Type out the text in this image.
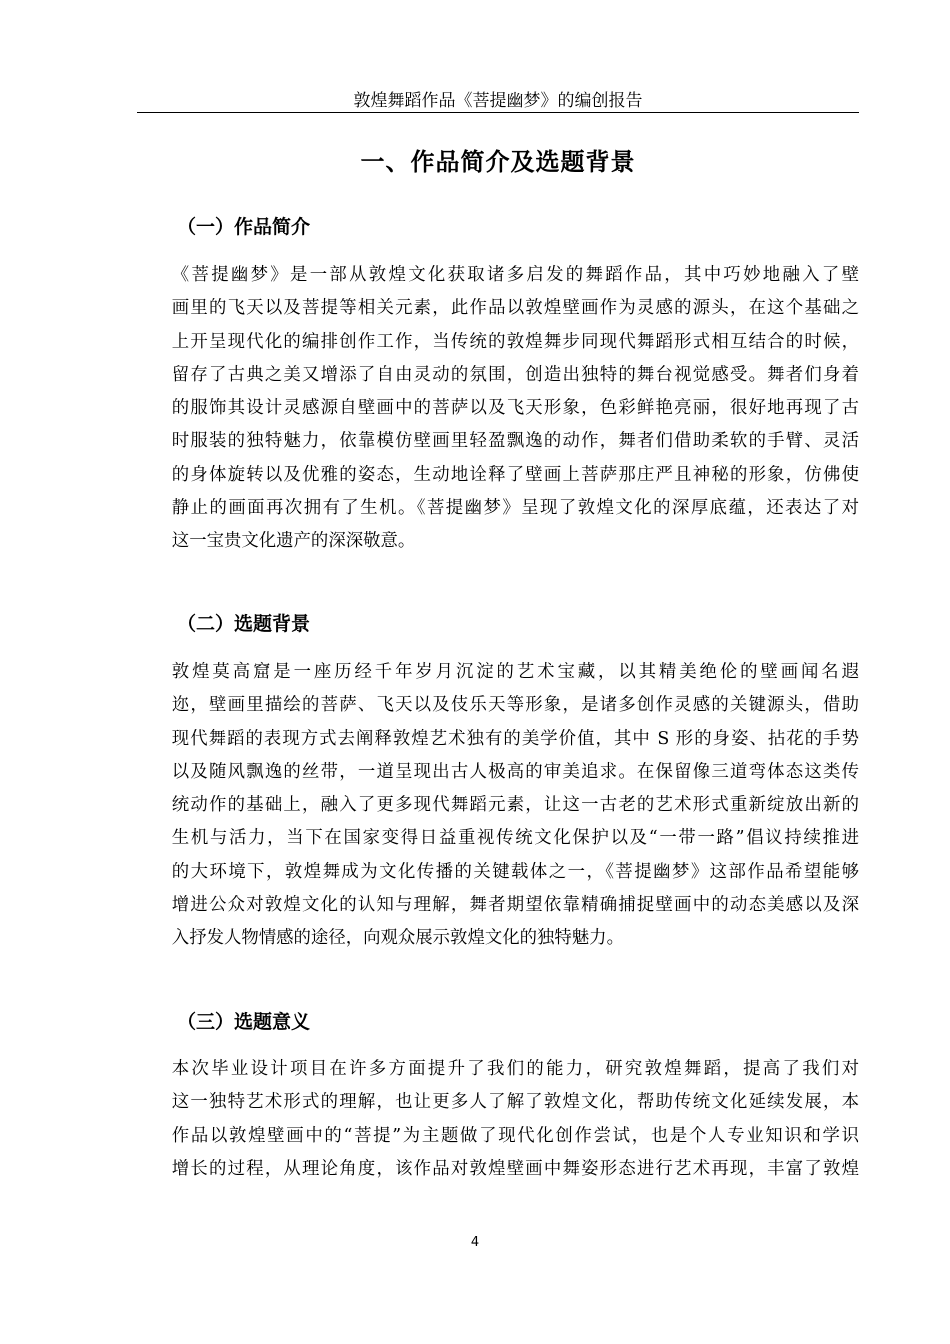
敦煌舞蹈作品《菩提幽梦》的编创报告
一、作品简介及选题背景
（一）作品简介
《菩提幽梦》是一部从敦煌文化获取诸多启发的舞蹈作品，其中巧妙地融入了壁
画里的飞天以及菩提等相关元素，此作品以敦煌壁画作为灵感的源头，在这个基础之
上开呈现代化的编排创作工作，当传统的敦煌舞步同现代舞蹈形式相互结合的时候，
留存了古典之美又增添了自由灵动的氛围，创造出独特的舞台视觉感受。舞者们身着
的服饰其设计灵感源自壁画中的菩萨以及飞天形象，色彩鲜艳亮丽，很好地再现了古
时服装的独特魅力，依靠模仿壁画里轻盈飘逸的动作，舞者们借助柔软的手臂、灵活
的身体旋转以及优雅的姿态，生动地诠释了壁画上菩萨那庄严且神秘的形象，仿佛使
静止的画面再次拥有了生机。《菩提幽梦》呈现了敦煌文化的深厚底蕴，还表达了对
这一宝贵文化遗产的深深敬意。
（二）选题背景
敦煌莫高窟是一座历经千年岁月沉淀的艺术宝藏，以其精美绝伦的壁画闻名遐
迩，壁画里描绘的菩萨、飞天以及伎乐天等形象，是诸多创作灵感的关键源头，借助
现代舞蹈的表现方式去阐释敦煌艺术独有的美学价值，其中 S 形的身姿、拈花的手势
以及随风飘逸的丝带，一道呈现出古人极高的审美追求。在保留像三道弯体态这类传
统动作的基础上，融入了更多现代舞蹈元素，让这一古老的艺术形式重新绽放出新的
生机与活力，当下在国家变得日益重视传统文化保护以及“一带一路”倡议持续推进
的大环境下，敦煌舞成为文化传播的关键载体之一，《菩提幽梦》这部作品希望能够
增进公众对敦煌文化的认知与理解，舞者期望依靠精确捕捉壁画中的动态美感以及深
入抒发人物情感的途径，向观众展示敦煌文化的独特魅力。
（三）选题意义
本次毕业设计项目在许多方面提升了我们的能力，研究敦煌舞蹈，提高了我们对
这一独特艺术形式的理解，也让更多人了解了敦煌文化，帮助传统文化延续发展，本
作品以敦煌壁画中的“菩提”为主题做了现代化创作尝试，也是个人专业知识和学识
增长的过程，从理论角度，该作品对敦煌壁画中舞姿形态进行艺术再现，丰富了敦煌
4
